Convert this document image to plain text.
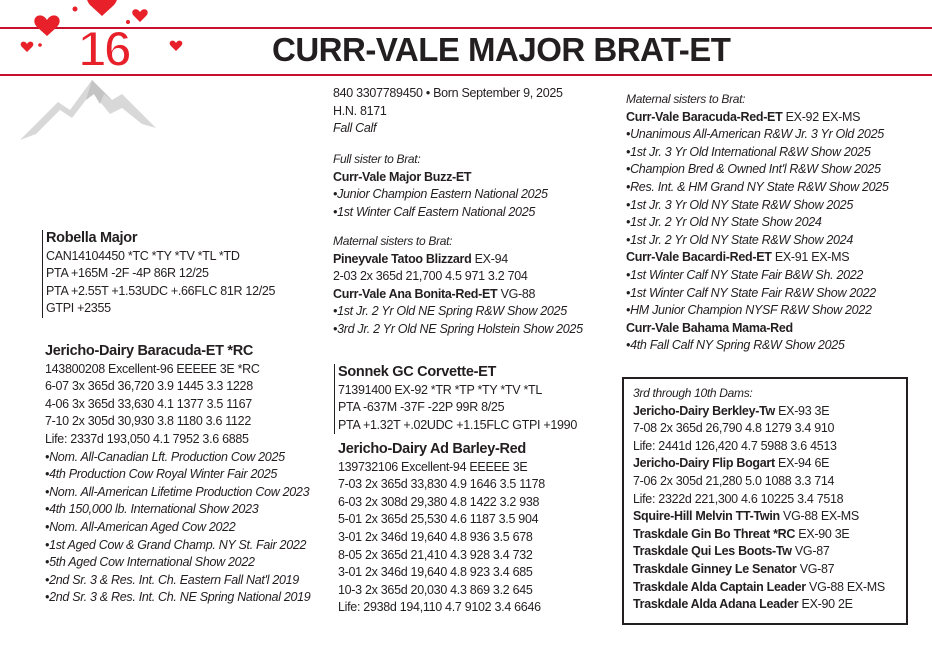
16	CURR-VALE MAJOR BRAT-ET
Robella Major
CAN14104450 *TC *TY *TV *TL *TD
PTA +165M -2F -4P 86R 12/25
PTA +2.55T +1.53UDC +.66FLC 81R 12/25
GTPI +2355
Jericho-Dairy Baracuda-ET *RC
143800208 Excellent-96 EEEEE 3E *RC
6-07 3x 365d 36,720 3.9 1445 3.3 1228
4-06 3x 365d 33,630 4.1 1377 3.5 1167
7-10 2x 305d 30,930 3.8 1180 3.6 1122
Life: 2337d 193,050 4.1 7952 3.6 6885
•Nom. All-Canadian Lft. Production Cow 2025
•4th Production Cow Royal Winter Fair 2025
•Nom. All-American Lifetime Production Cow 2023
•4th 150,000 lb. International Show 2023
•Nom. All-American Aged Cow 2022
•1st Aged Cow & Grand Champ. NY St. Fair 2022
•5th Aged Cow International Show 2022
•2nd Sr. 3 & Res. Int. Ch. Eastern Fall Nat'l 2019
•2nd Sr. 3 & Res. Int. Ch. NE Spring National 2019
840 3307789450 • Born September 9, 2025
H.N. 8171
Fall Calf
Full sister to Brat:
Curr-Vale Major Buzz-ET
•Junior Champion Eastern National 2025
•1st Winter Calf Eastern National 2025
Maternal sisters to Brat:
Pineyvale Tatoo Blizzard EX-94
2-03 2x 365d 21,700 4.5 971 3.2 704
Curr-Vale Ana Bonita-Red-ET VG-88
•1st Jr. 2 Yr Old NE Spring R&W Show 2025
•3rd Jr. 2 Yr Old NE Spring Holstein Show 2025
Sonnek GC Corvette-ET
71391400 EX-92 *TR *TP *TY *TV *TL
PTA -637M -37F -22P 99R 8/25
PTA +1.32T +.02UDC +1.15FLC GTPI +1990
Jericho-Dairy Ad Barley-Red
139732106 Excellent-94 EEEEE 3E
7-03 2x 365d 33,830 4.9 1646 3.5 1178
6-03 2x 308d 29,380 4.8 1422 3.2 938
5-01 2x 365d 25,530 4.6 1187 3.5 904
3-01 2x 346d 19,640 4.8 936 3.5 678
8-05 2x 365d 21,410 4.3 928 3.4 732
3-01 2x 346d 19,640 4.8 923 3.4 685
10-3 2x 365d 20,030 4.3 869 3.2 645
Life: 2938d 194,110 4.7 9102 3.4 6646
Maternal sisters to Brat:
Curr-Vale Baracuda-Red-ET EX-92 EX-MS
•Unanimous All-American R&W Jr. 3 Yr Old 2025
•1st Jr. 3 Yr Old International R&W Show 2025
•Champion Bred & Owned Int'l R&W Show 2025
•Res. Int. & HM Grand NY State R&W Show 2025
•1st Jr. 3 Yr Old NY State R&W Show 2025
•1st Jr. 2 Yr Old NY State Show 2024
•1st Jr. 2 Yr Old NY State R&W Show 2024
Curr-Vale Bacardi-Red-ET EX-91 EX-MS
•1st Winter Calf NY State Fair B&W Sh. 2022
•1st Winter Calf NY State Fair R&W Show 2022
•HM Junior Champion NYSF R&W Show 2022
Curr-Vale Bahama Mama-Red
•4th Fall Calf NY Spring R&W Show 2025
3rd through 10th Dams:
Jericho-Dairy Berkley-Tw EX-93 3E
7-08 2x 365d 26,790 4.8 1279 3.4 910
Life: 2441d 126,420 4.7 5988 3.6 4513
Jericho-Dairy Flip Bogart EX-94 6E
7-06 2x 305d 21,280 5.0 1088 3.3 714
Life: 2322d 221,300 4.6 10225 3.4 7518
Squire-Hill Melvin TT-Twin VG-88 EX-MS
Traskdale Gin Bo Threat *RC EX-90 3E
Traskdale Qui Les Boots-Tw VG-87
Traskdale Ginney Le Senator VG-87
Traskdale Alda Captain Leader VG-88 EX-MS
Traskdale Alda Adana Leader EX-90 2E
